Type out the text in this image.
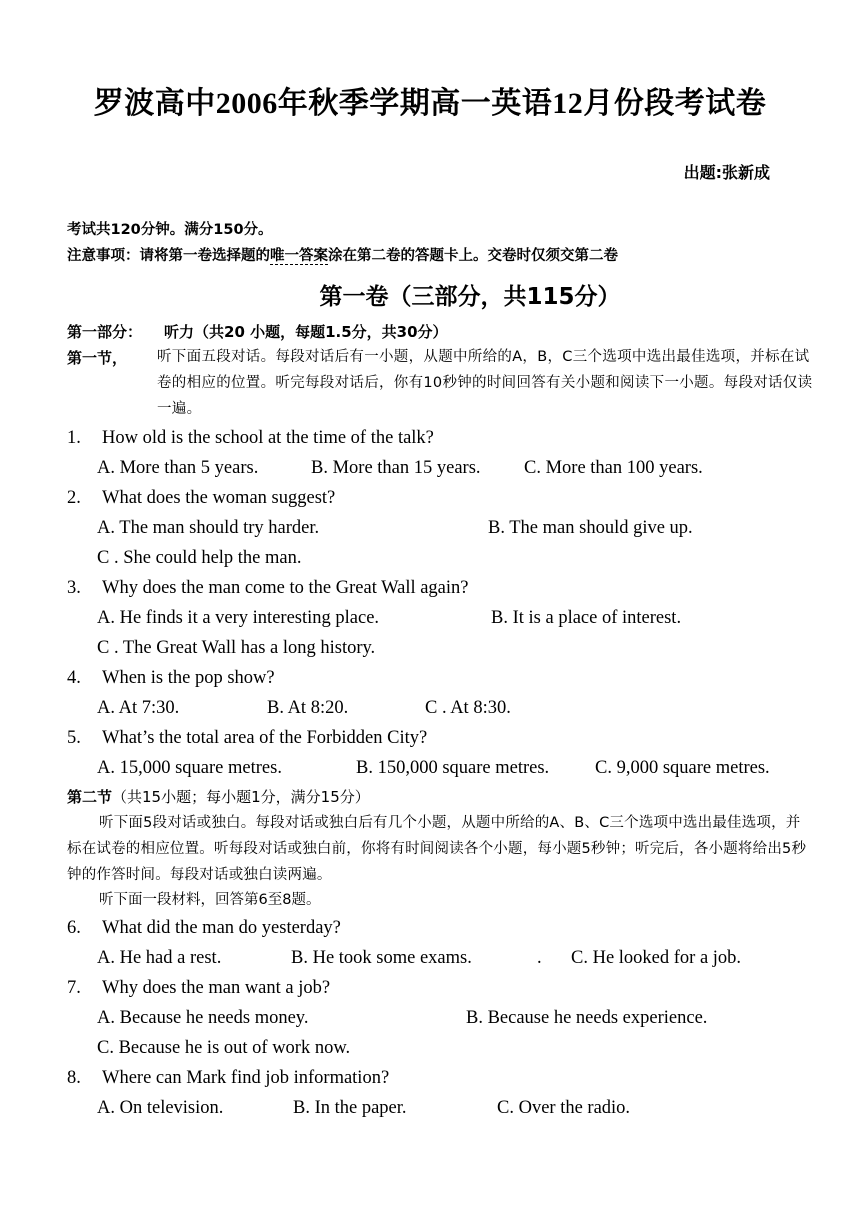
罗波高中2006年秋季学期高一英语12月份段考试卷
出题:张新成
考试共120分钟。满分150分。
注意事项：请将第一卷选择题的唯一答案涂在第二卷的答题卡上。交卷时仅须交第二卷
第一卷（三部分，共115分）
第一部分： 听力（共20 小题，每题1.5分，共30分）
第一节， 听下面五段对话。每段对话后有一小题，从题中所给的A，B，C三个选项中选出最佳选项，并标在试卷的相应的位置。听完每段对话后，你有10秒钟的时间回答有关小题和阅读下一小题。每段对话仅读一遍。
1. How old is the school at the time of the talk?
A. More than 5 years.	B. More than 15 years. C. More than 100 years.
2. What does the woman suggest?
A. The man should try harder.	B. The man should give up.
C . She could help the man.
3. Why does the man come to the Great Wall again?
A. He finds it a very interesting place.	B. It is a place of interest.
C . The Great Wall has a long history.
4. When is the pop show?
A. At 7:30.	B. At 8:20.	C . At 8:30.
5. What’s the total area of the Forbidden City?
A. 15,000 square metres.	B. 150,000 square metres. C. 9,000 square metres.
第二节（共15小题；每小题1分，满分15分）
听下面5段对话或独白。每段对话或独白后有几个小题，从题中所给的A、B、C三个选项中选出最佳选项，并标在试卷的相应位置。听每段对话或独白前，你将有时间阅读各个小题，每小题5秒钟；听完后，各小题将给出5秒钟的作答时间。每段对话或独白读两遍。
听下面一段材料，回答第6至8题。
6. What did the man do yesterday?
A. He had a rest.	B. He took some exams.	. C. He looked for a job.
7. Why does the man want a job?
A. Because he needs money.	B. Because he needs experience.
C. Because he is out of work now.
8. Where can Mark find job information?
A. On television.	B. In the paper.	C. Over the radio.
